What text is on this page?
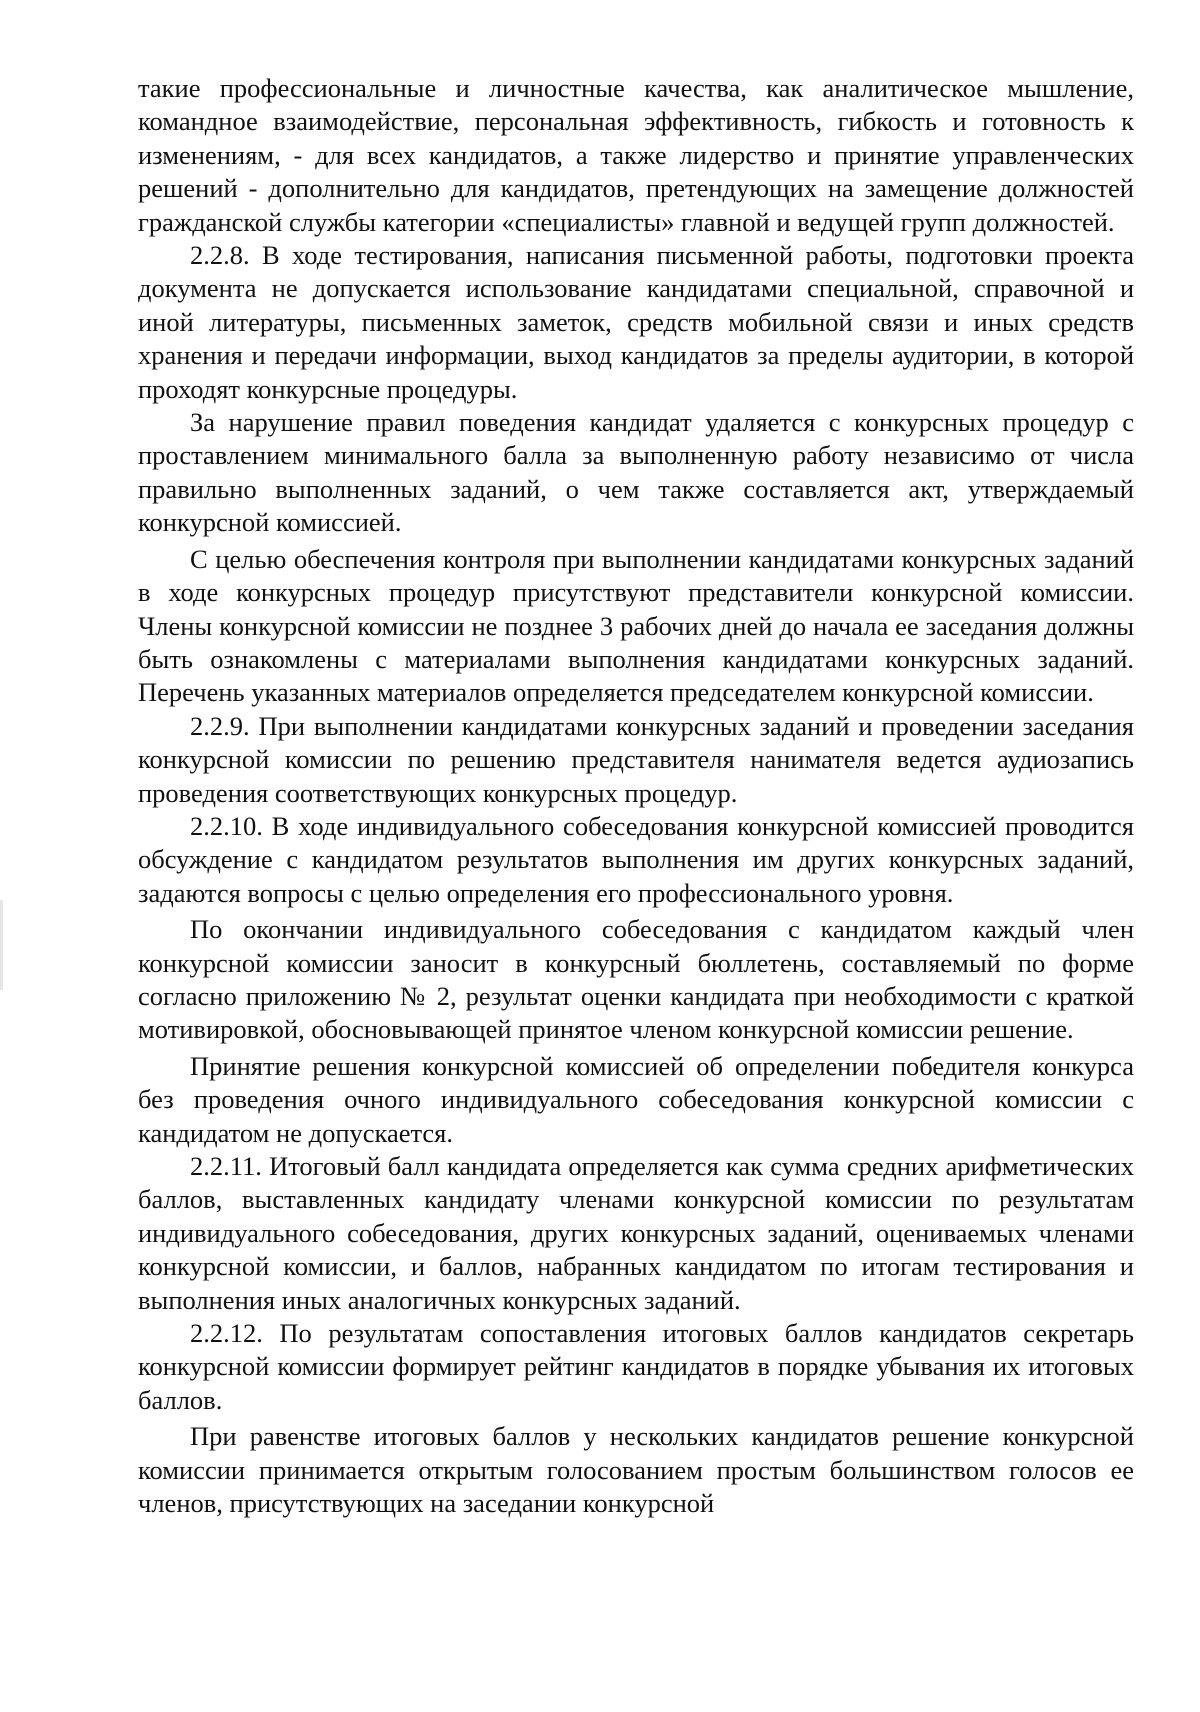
такие профессиональные и личностные качества, как аналитическое мышление, командное взаимодействие, персональная эффективность, гибкость и готовность к изменениям, - для всех кандидатов, а также лидерство и принятие управленческих решений - дополнительно для кандидатов, претендующих на замещение должностей гражданской службы категории «специалисты» главной и ведущей групп должностей.

2.2.8. В ходе тестирования, написания письменной работы, подготовки проекта документа не допускается использование кандидатами специальной, справочной и иной литературы, письменных заметок, средств мобильной связи и иных средств хранения и передачи информации, выход кандидатов за пределы аудитории, в которой проходят конкурсные процедуры.

За нарушение правил поведения кандидат удаляется с конкурсных процедур с проставлением минимального балла за выполненную работу независимо от числа правильно выполненных заданий, о чем также составляется акт, утверждаемый конкурсной комиссией.

С целью обеспечения контроля при выполнении кандидатами конкурсных заданий в ходе конкурсных процедур присутствуют представители конкурсной комиссии. Члены конкурсной комиссии не позднее 3 рабочих дней до начала ее заседания должны быть ознакомлены с материалами выполнения кандидатами конкурсных заданий. Перечень указанных материалов определяется председателем конкурсной комиссии.

2.2.9. При выполнении кандидатами конкурсных заданий и проведении заседания конкурсной комиссии по решению представителя нанимателя ведется аудиозапись проведения соответствующих конкурсных процедур.

2.2.10. В ходе индивидуального собеседования конкурсной комиссией проводится обсуждение с кандидатом результатов выполнения им других конкурсных заданий, задаются вопросы с целью определения его профессионального уровня.

По окончании индивидуального собеседования с кандидатом каждый член конкурсной комиссии заносит в конкурсный бюллетень, составляемый по форме согласно приложению № 2, результат оценки кандидата при необходимости с краткой мотивировкой, обосновывающей принятое членом конкурсной комиссии решение.

Принятие решения конкурсной комиссией об определении победителя конкурса без проведения очного индивидуального собеседования конкурсной комиссии с кандидатом не допускается.

2.2.11. Итоговый балл кандидата определяется как сумма средних арифметических баллов, выставленных кандидату членами конкурсной комиссии по результатам индивидуального собеседования, других конкурсных заданий, оцениваемых членами конкурсной комиссии, и баллов, набранных кандидатом по итогам тестирования и выполнения иных аналогичных конкурсных заданий.

2.2.12. По результатам сопоставления итоговых баллов кандидатов секретарь конкурсной комиссии формирует рейтинг кандидатов в порядке убывания их итоговых баллов.

При равенстве итоговых баллов у нескольких кандидатов решение конкурсной комиссии принимается открытым голосованием простым большинством голосов ее членов, присутствующих на заседании конкурсной
